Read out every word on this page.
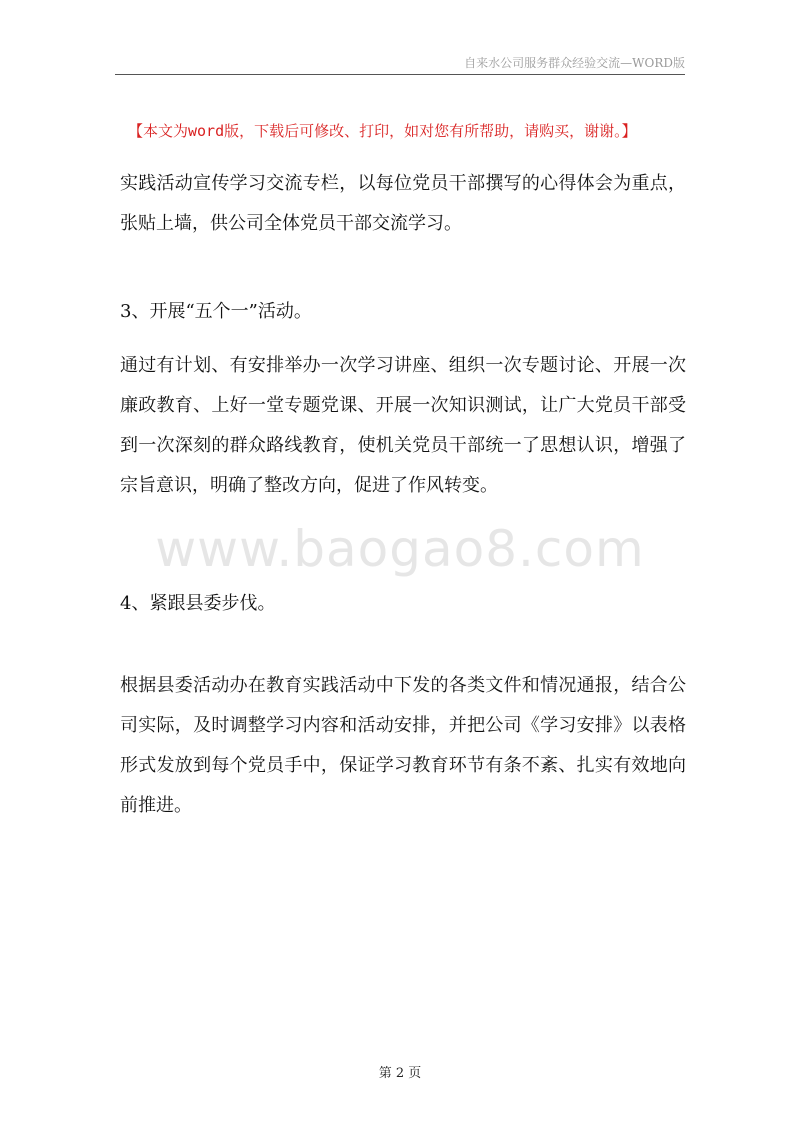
自来水公司服务群众经验交流—WORD版
【本文为word版，下载后可修改、打印，如对您有所帮助，请购买，谢谢。】

实践活动宣传学习交流专栏，以每位党员干部撰写的心得体会为重点，张贴上墙，供公司全体党员干部交流学习。

3、开展“五个一”活动。

通过有计划、有安排举办一次学习讲座、组织一次专题讨论、开展一次廉政教育、上好一堂专题党课、开展一次知识测试，让广大党员干部受到一次深刻的群众路线教育，使机关党员干部统一了思想认识，增强了宗旨意识，明确了整改方向，促进了作风转变。

www.baogao8.com

4、紧跟县委步伐。

根据县委活动办在教育实践活动中下发的各类文件和情况通报，结合公司实际，及时调整学习内容和活动安排，并把公司《学习安排》以表格形式发放到每个党员手中，保证学习教育环节有条不紊、扎实有效地向前推进。

第 2 页
